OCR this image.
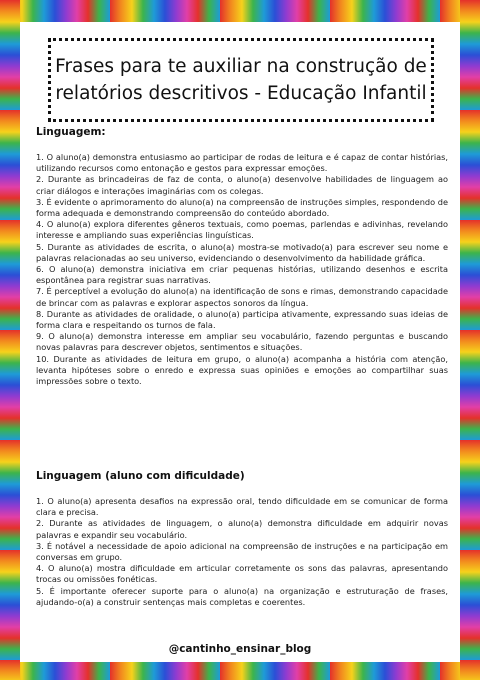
Frases para te auxiliar na construção de relatórios descritivos - Educação Infantil
Linguagem:

1. O aluno(a) demonstra entusiasmo ao participar de rodas de leitura e é capaz de contar histórias, utilizando recursos como entonação e gestos para expressar emoções.

2. Durante as brincadeiras de faz de conta, o aluno(a) desenvolve habilidades de linguagem ao criar diálogos e interações imaginárias com os colegas.

3. É evidente o aprimoramento do aluno(a) na compreensão de instruções simples, respondendo de forma adequada e demonstrando compreensão do conteúdo abordado.

4. O aluno(a) explora diferentes gêneros textuais, como poemas, parlendas e adivinhas, revelando interesse e ampliando suas experiências linguísticas.

5. Durante as atividades de escrita, o aluno(a) mostra-se motivado(a) para escrever seu nome e palavras relacionadas ao seu universo, evidenciando o desenvolvimento da habilidade gráfica.

6. O aluno(a) demonstra iniciativa em criar pequenas histórias, utilizando desenhos e escrita espontânea para registrar suas narrativas.

7. É perceptível a evolução do aluno(a) na identificação de sons e rimas, demonstrando capacidade de brincar com as palavras e explorar aspectos sonoros da língua.

8. Durante as atividades de oralidade, o aluno(a) participa ativamente, expressando suas ideias de forma clara e respeitando os turnos de fala.

9. O aluno(a) demonstra interesse em ampliar seu vocabulário, fazendo perguntas e buscando novas palavras para descrever objetos, sentimentos e situações.

10. Durante as atividades de leitura em grupo, o aluno(a) acompanha a história com atenção, levanta hipóteses sobre o enredo e expressa suas opiniões e emoções ao compartilhar suas impressões sobre o texto.

Linguagem (aluno com dificuldade)

1. O aluno(a) apresenta desafios na expressão oral, tendo dificuldade em se comunicar de forma clara e precisa.

2. Durante as atividades de linguagem, o aluno(a) demonstra dificuldade em adquirir novas palavras e expandir seu vocabulário.

3. É notável a necessidade de apoio adicional na compreensão de instruções e na participação em conversas em grupo.

4. O aluno(a) mostra dificuldade em articular corretamente os sons das palavras, apresentando trocas ou omissões fonéticas.

5. É importante oferecer suporte para o aluno(a) na organização e estruturação de frases, ajudando-o(a) a construir sentenças mais completas e coerentes.

@cantinho_ensinar_blog
